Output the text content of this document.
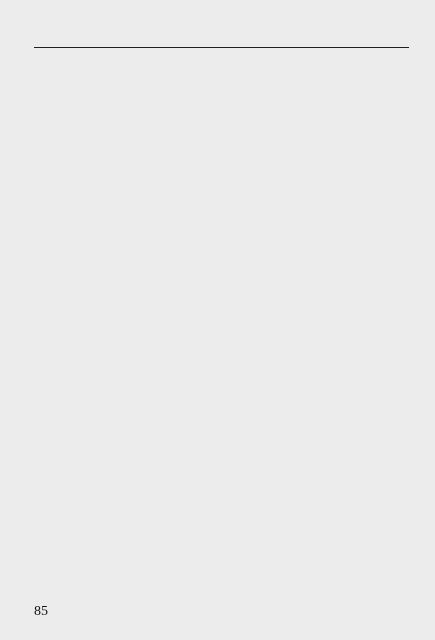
85
